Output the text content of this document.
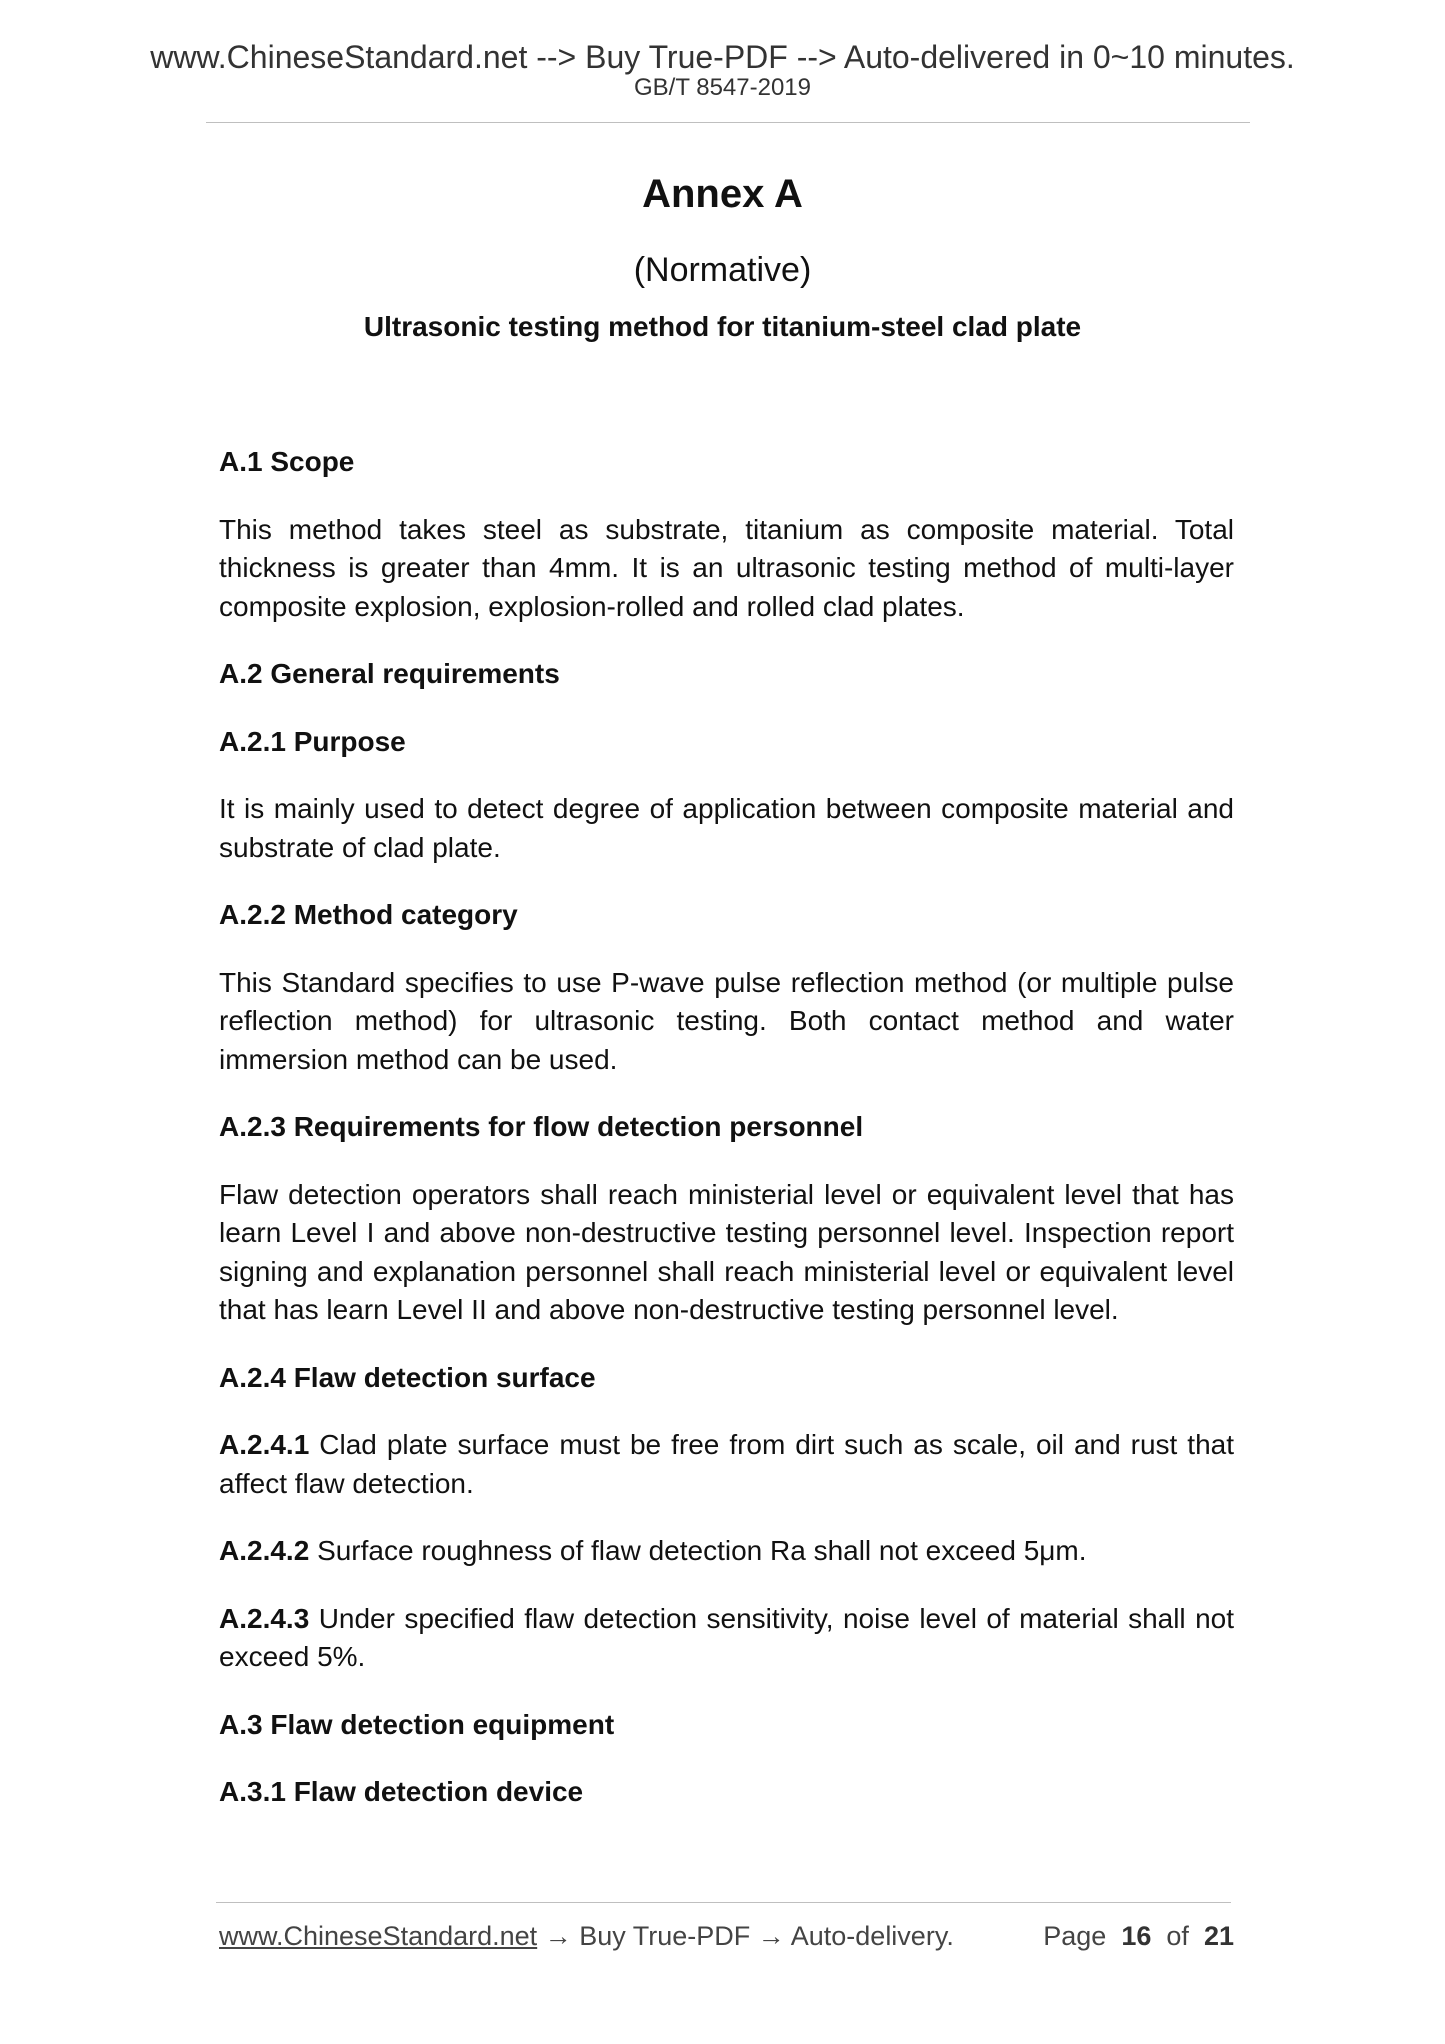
www.ChineseStandard.net --> Buy True-PDF --> Auto-delivered in 0~10 minutes.
GB/T 8547-2019
Annex A
(Normative)
Ultrasonic testing method for titanium-steel clad plate
A.1 Scope

This method takes steel as substrate, titanium as composite material. Total thickness is greater than 4mm. It is an ultrasonic testing method of multi-layer composite explosion, explosion-rolled and rolled clad plates.

A.2 General requirements
A.2.1 Purpose

It is mainly used to detect degree of application between composite material and substrate of clad plate.

A.2.2 Method category

This Standard specifies to use P-wave pulse reflection method (or multiple pulse reflection method) for ultrasonic testing. Both contact method and water immersion method can be used.

A.2.3 Requirements for flow detection personnel

Flaw detection operators shall reach ministerial level or equivalent level that has learn Level I and above non-destructive testing personnel level. Inspection report signing and explanation personnel shall reach ministerial level or equivalent level that has learn Level II and above non-destructive testing personnel level.

A.2.4 Flaw detection surface

A.2.4.1 Clad plate surface must be free from dirt such as scale, oil and rust that affect flaw detection.

A.2.4.2 Surface roughness of flaw detection Ra shall not exceed 5μm.

A.2.4.3 Under specified flaw detection sensitivity, noise level of material shall not exceed 5%.

A.3 Flaw detection equipment
A.3.1 Flaw detection device
www.ChineseStandard.net → Buy True-PDF → Auto-delivery.	Page 16 of 21
